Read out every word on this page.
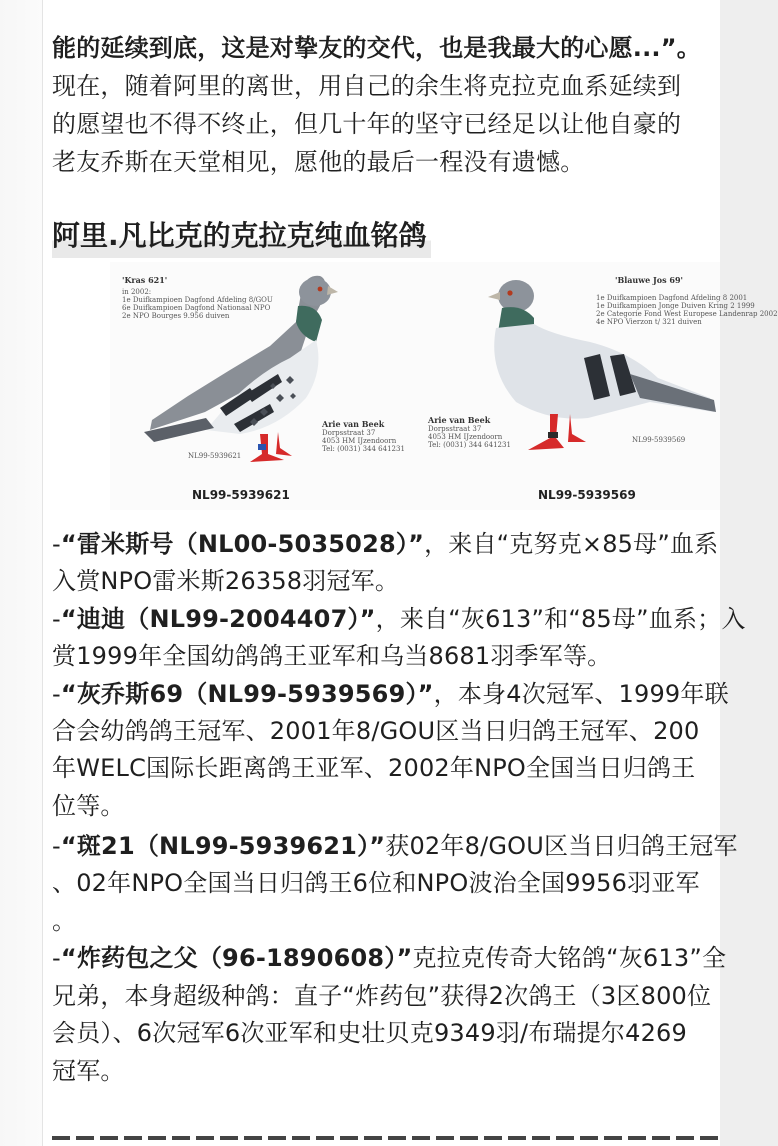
能的延续到底，这是对挚友的交代，也是我最大的心愿...”。
现在，随着阿里的离世，用自己的余生将克拉克血系延续到
的愿望也不得不终止，但几十年的坚守已经足以让他自豪的
老友乔斯在天堂相见，愿他的最后一程没有遗憾。
阿里.凡比克的克拉克纯血铭鸽
'Kras 621'
in 2002:
1e Duifkampioen Dagfond Afdeling 8/GOU
6e Duifkampioen Dagfond Nationaal NPO
2e NPO Bourges 9.956 duiven
Arie van Beek
Dorpsstraat 37
4053 HM IJzendoorn
Tel: (0031) 344 641231
NL99-5939621
'Blauwe Jos 69'
1e Duifkampioen Dagfond Afdeling 8 2001
1e Duifkampioen Jonge Duiven Kring 2 1999
2e Categorie Fond West Europese Landenrap 2002
4e NPO Vierzon t/ 321 duiven
Arie van Beek
Dorpsstraat 37
4053 HM IJzendoorn
Tel: (0031) 344 641231
NL99-5939569
NL99-5939621	NL99-5939569
-“雷米斯号（NL00-5035028）”，来自“克努克×85母”血系
入赏NPO雷米斯26358羽冠军。
-“迪迪（NL99-2004407）”，来自“灰613”和“85母”血系；入
赏1999年全国幼鸽鸽王亚军和乌当8681羽季军等。
-“灰乔斯69（NL99-5939569）”，本身4次冠军、1999年联
合会幼鸽鸽王冠军、2001年8/GOU区当日归鸽王冠军、200
年WELC国际长距离鸽王亚军、2002年NPO全国当日归鸽王
位等。
-“斑21（NL99-5939621）”获02年8/GOU区当日归鸽王冠军
、02年NPO全国当日归鸽王6位和NPO波治全国9956羽亚军
。
-“炸药包之父（96-1890608）”克拉克传奇大铭鸽“灰613”全
兄弟，本身超级种鸽：直子“炸药包”获得2次鸽王（3区800位
会员）、6次冠军6次亚军和史壮贝克9349羽/布瑞提尔4269
冠军。
